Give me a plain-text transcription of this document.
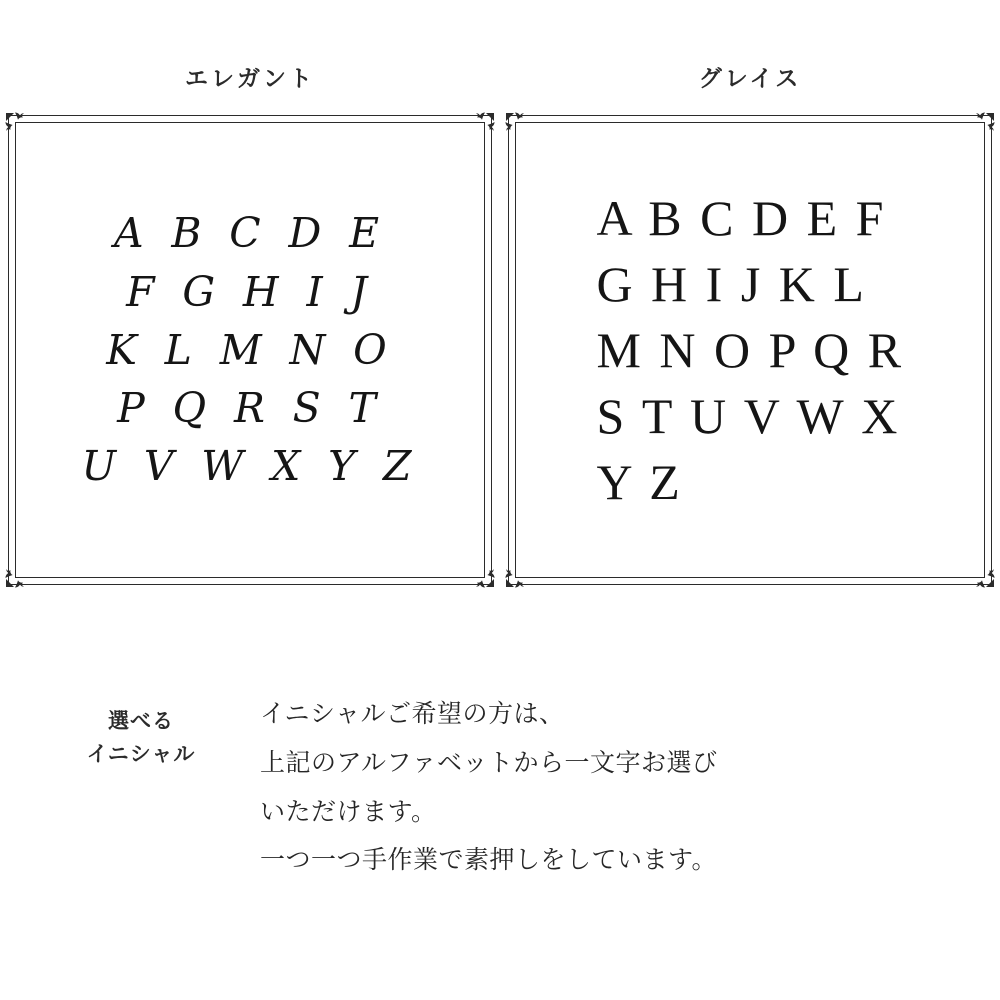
エレガント
A B C D E
F G H I J
K L M N O
P Q R S T
U V W X Y Z
グレイス
A B C D E F
G H I J K L
M N O P Q R
S T U V W X
Y Z
選べる
イニシャル
イニシャルご希望の方は、
上記のアルファベットから一文字お選び
いただけます。
一つ一つ手作業で素押しをしています。
